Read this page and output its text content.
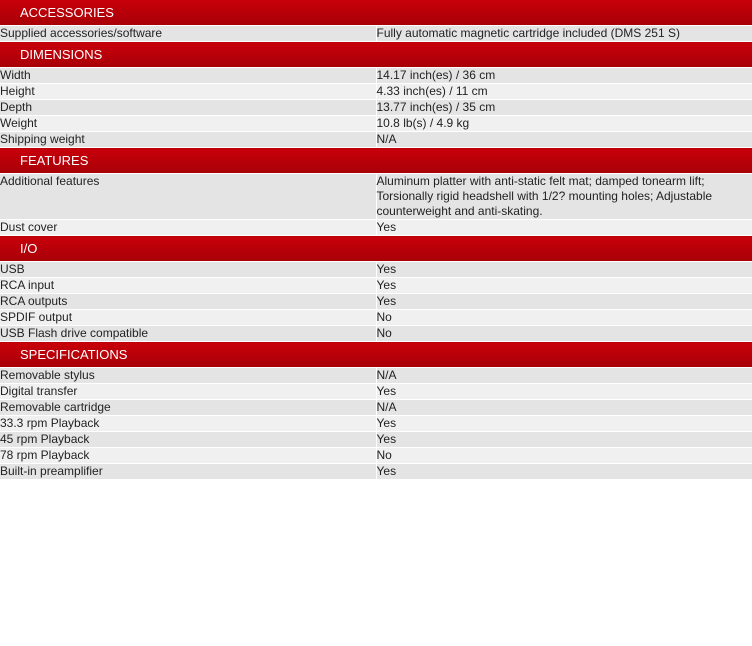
ACCESSORIES	
Supplied accessories/software	Fully automatic magnetic cartridge included (DMS 251 S)
DIMENSIONS	
Width	14.17 inch(es) / 36 cm
Height	4.33 inch(es) / 11 cm
Depth	13.77 inch(es) / 35 cm
Weight	10.8 lb(s) / 4.9 kg
Shipping weight	N/A
FEATURES	
Additional features	Aluminum platter with anti-static felt mat; damped tonearm lift; Torsionally rigid headshell with 1/2? mounting holes; Adjustable counterweight and anti-skating.
Dust cover	Yes
I/O	
USB	Yes
RCA input	Yes
RCA outputs	Yes
SPDIF output	No
USB Flash drive compatible	No
SPECIFICATIONS	
Removable stylus	N/A
Digital transfer	Yes
Removable cartridge	N/A
33.3 rpm Playback	Yes
45 rpm Playback	Yes
78 rpm Playback	No
Built-in preamplifier	Yes
